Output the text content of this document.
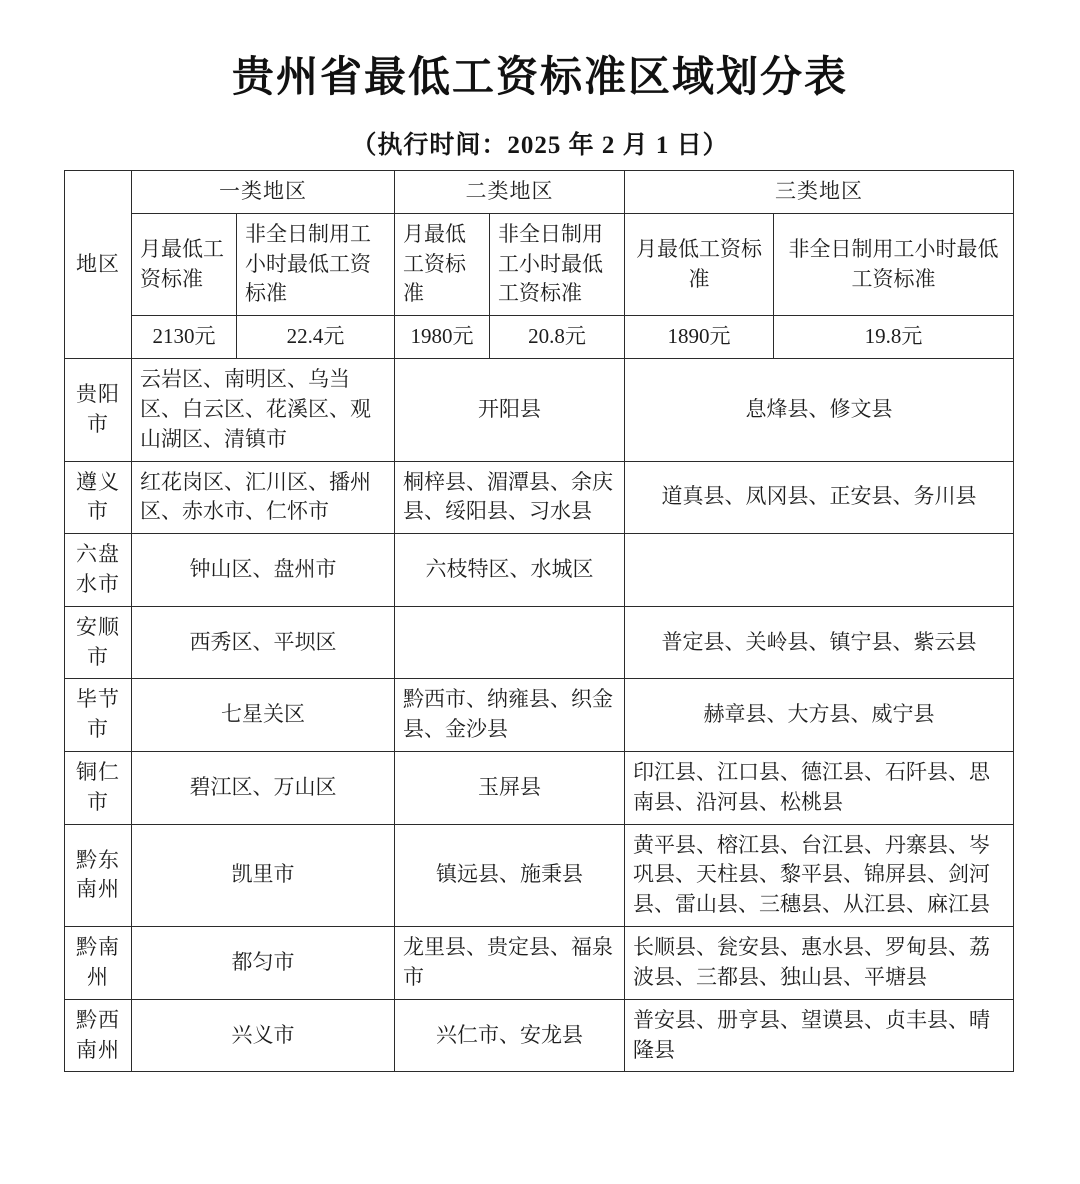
贵州省最低工资标准区域划分表
（执行时间：2025 年 2 月 1 日）
地区	一类地区		二类地区		三类地区	
	月最低工资标准	非全日制用工小时最低工资标准	月最低工资标准	非全日制用工小时最低工资标准	月最低工资标准	非全日制用工小时最低工资标准
	2130元	22.4元	1980元	20.8元	1890元	19.8元
贵阳市	云岩区、南明区、乌当区、白云区、花溪区、观山湖区、清镇市		开阳县		息烽县、修文县	
遵义市	红花岗区、汇川区、播州区、赤水市、仁怀市		桐梓县、湄潭县、余庆县、绥阳县、习水县		道真县、凤冈县、正安县、务川县	
六盘水市	钟山区、盘州市		六枝特区、水城区			
安顺市	西秀区、平坝区				普定县、关岭县、镇宁县、紫云县	
毕节市	七星关区		黔西市、纳雍县、织金县、金沙县		赫章县、大方县、威宁县	
铜仁市	碧江区、万山区		玉屏县		印江县、江口县、德江县、石阡县、思南县、沿河县、松桃县	
黔东南州	凯里市		镇远县、施秉县		黄平县、榕江县、台江县、丹寨县、岑巩县、天柱县、黎平县、锦屏县、剑河县、雷山县、三穗县、从江县、麻江县	
黔南州	都匀市		龙里县、贵定县、福泉市		长顺县、瓮安县、惠水县、罗甸县、荔波县、三都县、独山县、平塘县	
黔西南州	兴义市		兴仁市、安龙县		普安县、册亨县、望谟县、贞丰县、晴隆县	
